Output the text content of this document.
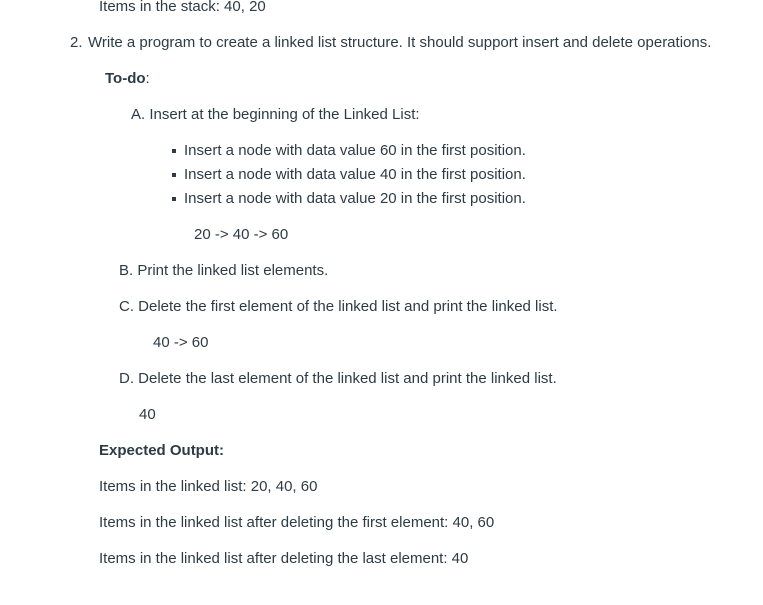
Items in the stack: 40, 20
2. Write a program to create a linked list structure. It should support insert and delete operations.
To-do:
A. Insert at the beginning of the Linked List:
Insert a node with data value 60 in the first position.
Insert a node with data value 40 in the first position.
Insert a node with data value 20 in the first position.
20 -> 40 -> 60
B. Print the linked list elements.
C. Delete the first element of the linked list and print the linked list.
40 -> 60
D. Delete the last element of the linked list and print the linked list.
40
Expected Output:
Items in the linked list: 20, 40, 60
Items in the linked list after deleting the first element: 40, 60
Items in the linked list after deleting the last element: 40
